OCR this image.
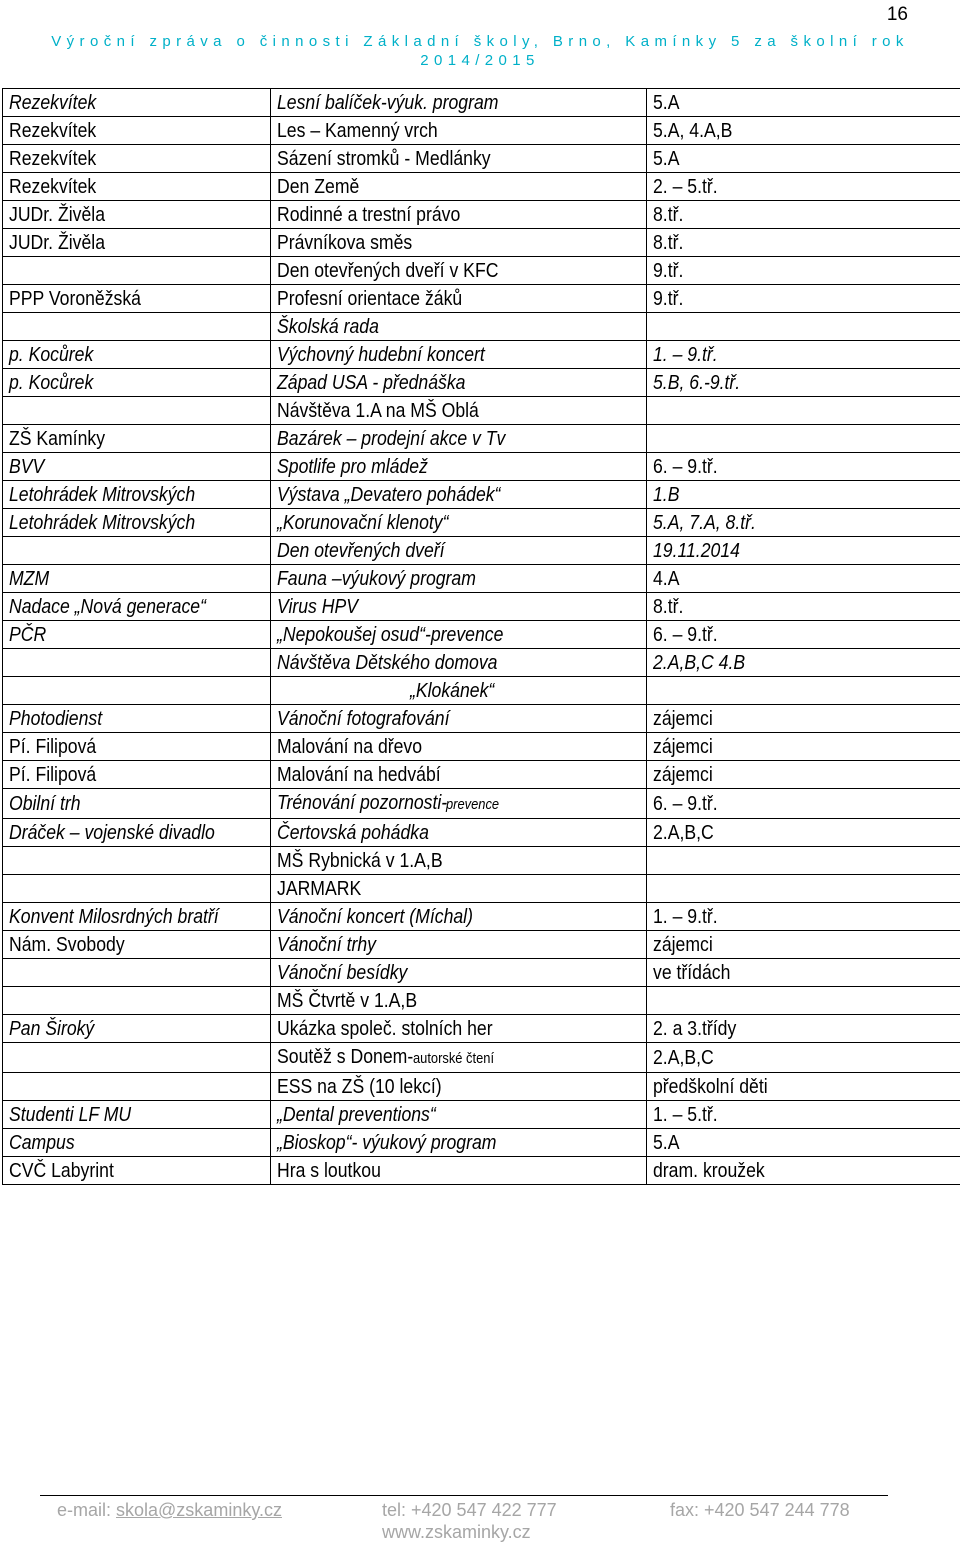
16
Výroční zpráva o činnosti Základní školy, Brno, Kamínky 5 za školní rok
2014/2015
Rezekvítek	Lesní balíček-výuk. program	5.A
Rezekvítek	Les – Kamenný vrch	5.A, 4.A,B
Rezekvítek	Sázení stromků - Medlánky	5.A
Rezekvítek	Den Země	2. – 5.tř.
JUDr. Živěla	Rodinné a trestní právo	8.tř.
JUDr. Živěla	Právníkova směs	8.tř.
	Den otevřených dveří v KFC	9.tř.
PPP Voroněžská	Profesní orientace žáků	9.tř.
	Školská rada	
p. Kocůrek	Výchovný hudební koncert	1. – 9.tř.
p. Kocůrek	Západ USA - přednáška	5.B, 6.-9.tř.
	Návštěva 1.A na MŠ Oblá	
ZŠ Kamínky	Bazárek – prodejní akce v Tv	
BVV	Spotlife pro mládež	6. – 9.tř.
Letohrádek Mitrovských	Výstava „Devatero pohádek“	1.B
Letohrádek Mitrovských	„Korunovační klenoty“	5.A, 7.A, 8.tř.
	Den otevřených dveří	19.11.2014
MZM	Fauna –výukový program	4.A
Nadace „Nová generace“	Virus HPV	8.tř.
PČR	„Nepokoušej osud“-prevence	6. – 9.tř.
	Návštěva Dětského domova	2.A,B,C 4.B
	„Klokánek“	
Photodienst	Vánoční fotografování	zájemci
Pí. Filipová	Malování na dřevo	zájemci
Pí. Filipová	Malování na hedvábí	zájemci
Obilní trh	Trénování pozornosti-prevence	6. – 9.tř.
Dráček – vojenské divadlo	Čertovská pohádka	2.A,B,C
	MŠ Rybnická v 1.A,B	
	JARMARK	
Konvent Milosrdných bratří	Vánoční koncert (Míchal)	1. – 9.tř.
Nám. Svobody	Vánoční trhy	zájemci
	Vánoční besídky	ve třídách
	MŠ Čtvrtě v 1.A,B	
Pan Široký	Ukázka společ. stolních her	2. a 3.třídy
	Soutěž s Donem-autorské čtení	2.A,B,C
	ESS na ZŠ (10 lekcí)	předškolní děti
Studenti LF MU	„Dental preventions“	1. – 5.tř.
Campus	„Bioskop“- výukový program	5.A
CVČ Labyrint	Hra s loutkou	dram. kroužek
e-mail: skola@zskaminky.cz	tel: +420 547 422 777	fax: +420 547 244 778
www.zskaminky.cz
